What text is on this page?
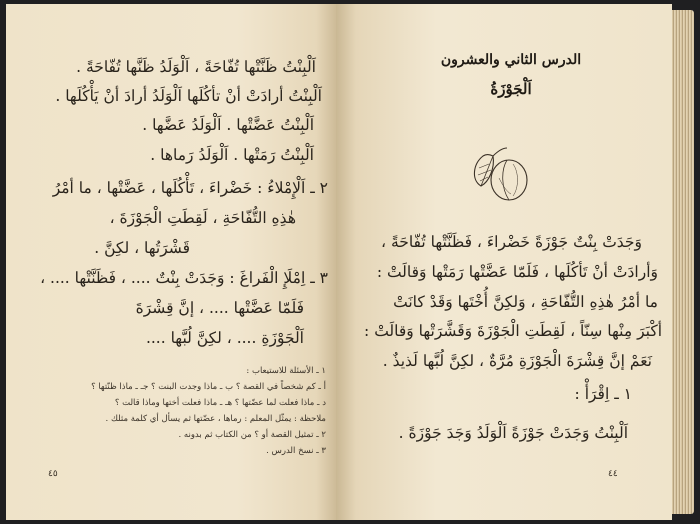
اَلْبِنْتُ ظَنَّتْها تُفّاحَةً ، اَلْوَلَدُ ظَنَّها تُفّاحَةً .
اَلْبِنْتُ أرادَتْ أنْ تأكُلَها اَلْوَلَدُ أرادَ أنْ يَأْكُلَها .
اَلْبِنْتُ عَضَّتْها . اَلْوَلَدُ عَضَّها .
اَلْبِنْتُ رَمَتْها . اَلْوَلَدُ رَماها .
٢ ـ اَلْإِمْلاءُ : خَضْراءَ ، تَأْكُلَها ، عَضَّتْها ، ما أمْرُ
هٰذِهِ التُّفّاحَةِ ، لَقِطَتِ الْجَوْزَةَ ،
قَشْرَتُها ، لكِنَّ .
٣ ـ اِمْلَإِ الْفَراغَ : وَجَدَتْ بِنْتٌ .... ، فَظَنَّتْها .... ،
فَلَمّا عَضَّتْها .... ، إنَّ قِشْرَةَ
اَلْجَوْزَةِ .... ، لكِنَّ لُبَّها ....
١ ـ الأسئلة للاستيعاب :
أ ـ كم شخصاً في القصة ؟ ب ـ ماذا وجدت البنت ؟ جـ ـ ماذا ظنّتها ؟
د ـ ماذا فعلت لما عضّتها ؟ هـ ـ ماذا فعلت أختها وماذا قالت ؟
ملاحظة : يمثّل المعلم : رماها ، عضّتها ثم يسأل أي كلمة مثلك .
٢ ـ تمثيل القصة أو ؟ من الكتاب ثم بدونه .
٣ ـ نسخ الدرس .
٤٥
الدرس الثاني والعشرون
اَلْجَوْزَةُ
وَجَدَتْ بِنْتٌ جَوْزَةً خَضْراءَ ، فَظَنَّتْها تُفّاحَةً ،
وَأرادَتْ أنْ تَأكُلَها ، فَلَمّا عَضَّتْها رَمَتْها وَقالَتْ :
ما أمْرُ هٰذِهِ التُّفّاحَةِ ، وَلكِنَّ أُخْتَها وَقَدْ كانَتْ
أكْبَرَ مِنْها سِنّاً ، لَقِطَتِ الْجَوْزَةَ وَقَشَّرَتْها وَقالَتْ :
نَعَمْ إنَّ قِشْرَةَ الْجَوْزَةِ مُرَّةٌ ، لكِنَّ لُبَّها لَذيذٌ .
١ ـ اِقْرَأْ :
اَلْبِنْتُ وَجَدَتْ جَوْزَةً اَلْوَلَدُ وَجَدَ جَوْزَةً .
٤٤
